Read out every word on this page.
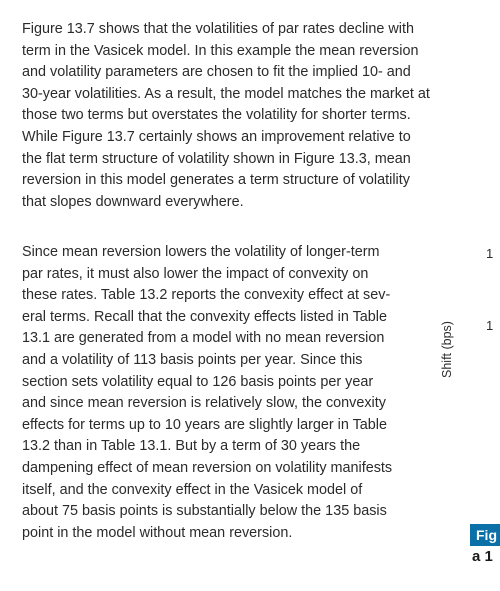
Figure 13.7 shows that the volatilities of par rates decline with
term in the Vasicek model. In this example the mean reversion
and volatility parameters are chosen to fit the implied 10- and
30-year volatilities. As a result, the model matches the market at
those two terms but overstates the volatility for shorter terms.
While Figure 13.7 certainly shows an improvement relative to
the flat term structure of volatility shown in Figure 13.3, mean
reversion in this model generates a term structure of volatility
that slopes downward everywhere.
Since mean reversion lowers the volatility of longer-term
par rates, it must also lower the impact of convexity on
these rates. Table 13.2 reports the convexity effect at sev-
eral terms. Recall that the convexity effects listed in Table
13.1 are generated from a model with no mean reversion
and a volatility of 113 basis points per year. Since this
section sets volatility equal to 126 basis points per year
and since mean reversion is relatively slow, the convexity
effects for terms up to 10 years are slightly larger in Table
13.2 than in Table 13.1. But by a term of 30 years the
dampening effect of mean reversion on volatility manifests
itself, and the convexity effect in the Vasicek model of
about 75 basis points is substantially below the 135 basis
point in the model without mean reversion.
1
1
Shift (bps)
Fig
a 1
